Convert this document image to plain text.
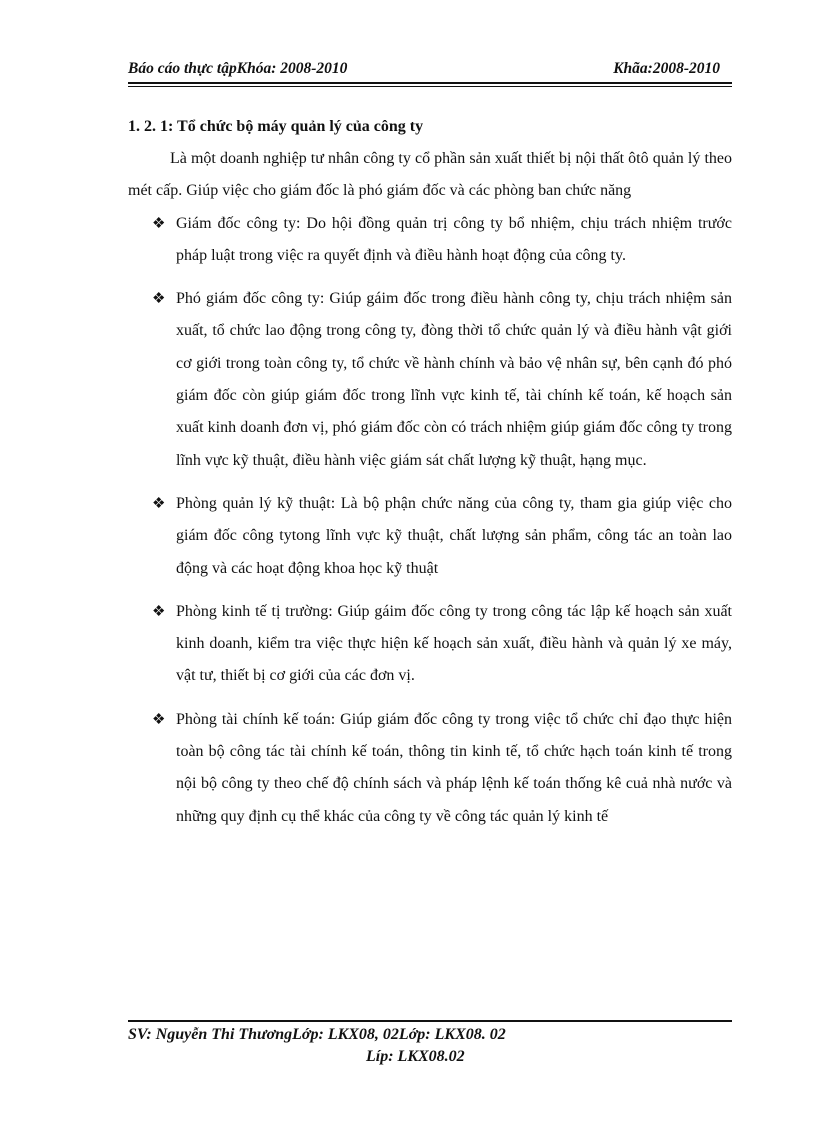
Báo cáo thực tậpKhóa: 2008-2010	Khãa:2008-2010

1. 2. 1: Tổ chức bộ máy quản lý của công ty

Là một doanh nghiệp tư nhân công ty cổ phần sản xuất thiết bị nội thất ôtô quản lý theo mét cấp. Giúp việc cho giám đốc là phó giám đốc và các phòng ban chức năng

❖ Giám đốc công ty: Do hội đồng quản trị công ty bổ nhiệm, chịu trách nhiệm trước pháp luật trong việc ra quyết định và điều hành hoạt động của công ty.
❖ Phó giám đốc công ty: Giúp gáim đốc trong điều hành công ty, chịu trách nhiệm sản xuất, tổ chức lao động trong công ty, đòng thời tổ chức quản lý và điều hành vật giới cơ giới trong toàn công ty, tổ chức về hành chính và bảo vệ nhân sự, bên cạnh đó phó giám đốc còn giúp giám đốc trong lĩnh vực kinh tế, tài chính kế toán, kế hoạch sản xuất kinh doanh đơn vị, phó giám đốc còn có trách nhiệm giúp giám đốc công ty trong lĩnh vực kỹ thuật, điều hành việc giám sát chất lượng kỹ thuật, hạng mục.
❖ Phòng quản lý kỹ thuật: Là bộ phận chức năng của công ty, tham gia giúp việc cho giám đốc công tytong lĩnh vực kỹ thuật, chất lượng sản phẩm, công tác an toàn lao động và các hoạt động khoa học kỹ thuật
❖ Phòng kinh tế tị trường: Giúp gáim đốc công ty trong công tác lập kế hoạch sản xuất kinh doanh, kiểm tra việc thực hiện kế hoạch sản xuất, điều hành và quản lý xe máy, vật tư, thiết bị cơ giới của các đơn vị.
❖ Phòng tài chính kế toán: Giúp giám đốc công ty trong việc tổ chức chỉ đạo thực hiện toàn bộ công tác tài chính kế toán, thông tin kinh tế, tổ chức hạch toán kinh tế trong nội bộ công ty theo chế độ chính sách và pháp lệnh kế toán thống kê cuả nhà nước và những quy định cụ thể khác của công ty về công tác quản lý kinh tế
SV: Nguyễn Thi ThươngLớp: LKX08, 02Lớp: LKX08. 02
Líp: LKX08.02
